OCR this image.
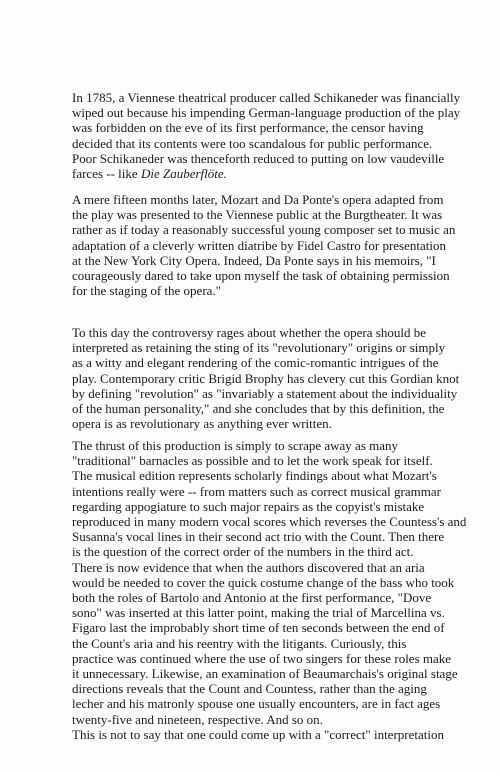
In 1785, a Viennese theatrical producer called Schikaneder was financially
wiped out because his impending German-language production of the play
was forbidden on the eve of its first performance, the censor having
decided that its contents were too scandalous for public performance.
Poor Schikaneder was thenceforth reduced to putting on low vaudeville
farces -- like Die Zauberflöte.
A mere fifteen months later, Mozart and Da Ponte's opera adapted from
the play was presented to the Viennese public at the Burgtheater. It was
rather as if today a reasonably successful young composer set to music an
adaptation of a cleverly written diatribe by Fidel Castro for presentation
at the New York City Opera. Indeed, Da Ponte says in his memoirs, "I
courageously dared to take upon myself the task of obtaining permission
for the staging of the opera."
To this day the controversy rages about whether the opera should be
interpreted as retaining the sting of its "revolutionary" origins or simply
as a witty and elegant rendering of the comic-romantic intrigues of the
play. Contemporary critic Brigid Brophy has clevery cut this Gordian knot
by defining "revolution" as "invariably a statement about the individuality
of the human personality," and she concludes that by this definition, the
opera is as revolutionary as anything ever written.
The thrust of this production is simply to scrape away as many
"traditional" barnacles as possible and to let the work speak for itself.
The musical edition represents scholarly findings about what Mozart's
intentions really were -- from matters such as correct musical grammar
regarding appogiature to such major repairs as the copyist's mistake
reproduced in many modern vocal scores which reverses the Countess's and
Susanna's vocal lines in their second act trio with the Count. Then there
is the question of the correct order of the numbers in the third act.
There is now evidence that when the authors discovered that an aria
would be needed to cover the quick costume change of the bass who took
both the roles of Bartolo and Antonio at the first performance, "Dove
sono" was inserted at this latter point, making the trial of Marcellina vs.
Figaro last the improbably short time of ten seconds between the end of
the Count's aria and his reentry with the litigants. Curiously, this
practice was continued where the use of two singers for these roles make
it unnecessary. Likewise, an examination of Beaumarchais's original stage
directions reveals that the Count and Countess, rather than the aging
lecher and his matronly spouse one usually encounters, are in fact ages
twenty-five and nineteen, respective. And so on.
This is not to say that one could come up with a "correct" interpretation
